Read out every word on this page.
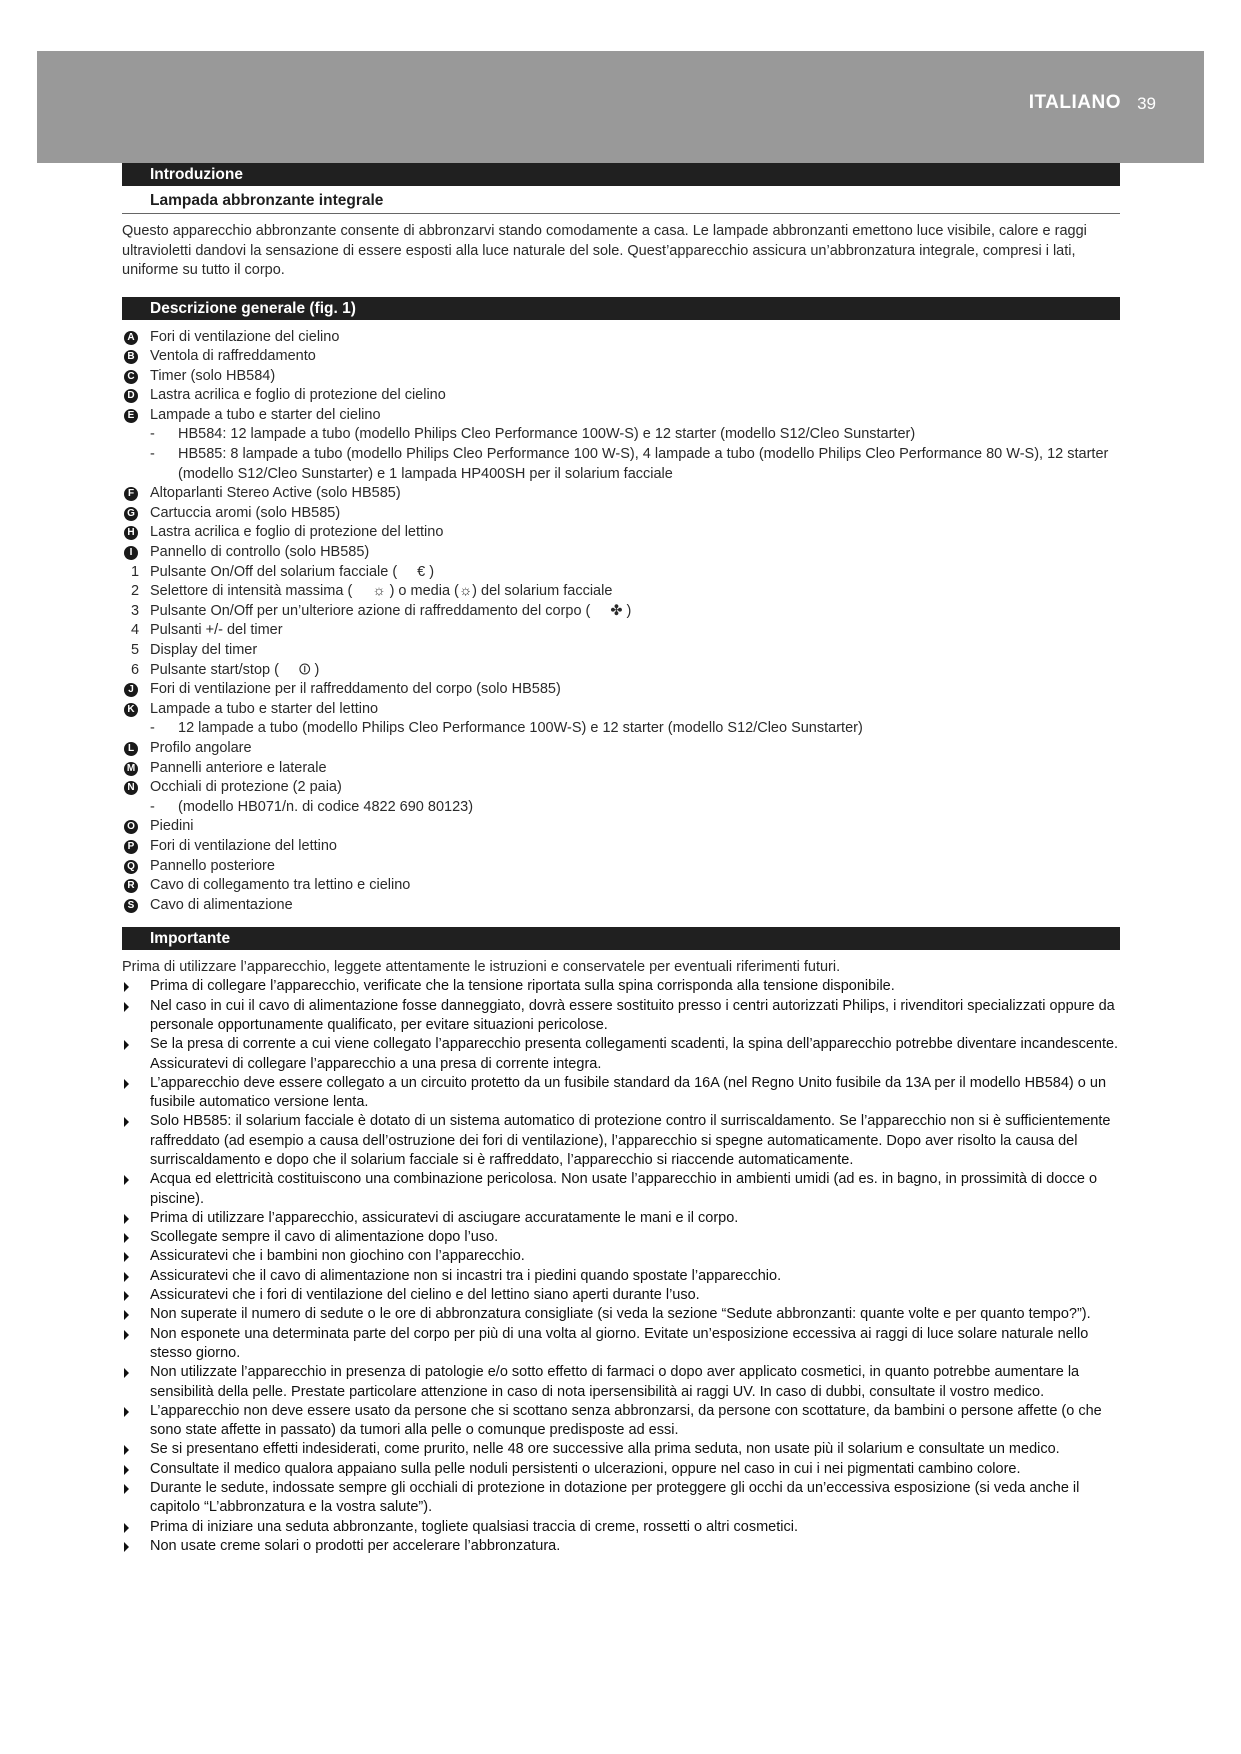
ITALIANO 39
Introduzione
Lampada abbronzante integrale

Questo apparecchio abbronzante consente di abbronzarvi stando comodamente a casa. Le lampade abbronzanti emettono luce visibile, calore e raggi ultravioletti dandovi la sensazione di essere esposti alla luce naturale del sole. Quest’apparecchio assicura un’abbronzatura integrale, compresi i lati, uniforme su tutto il corpo.

Descrizione generale (fig. 1)
A Fori di ventilazione del cielino
B Ventola di raffreddamento
C Timer (solo HB584)
D Lastra acrilica e foglio di protezione del cielino
E Lampade a tubo e starter del cielino
- HB584: 12 lampade a tubo (modello Philips Cleo Performance 100W-S) e 12 starter (modello S12/Cleo Sunstarter)
- HB585: 8 lampade a tubo (modello Philips Cleo Performance 100 W-S), 4 lampade a tubo (modello Philips Cleo Performance 80 W-S), 12 starter (modello S12/Cleo Sunstarter) e 1 lampada HP400SH per il solarium facciale
F Altoparlanti Stereo Active (solo HB585)
G Cartuccia aromi (solo HB585)
H Lastra acrilica e foglio di protezione del lettino
I	Pannello di controllo (solo HB585)
1 Pulsante On/Off del solarium facciale ( € )
2 Selettore di intensità massima ( ☼ ) o media (☼) del solarium facciale
3 Pulsante On/Off per un’ulteriore azione di raffreddamento del corpo ( ✤ )
4 Pulsanti +/- del timer
5 Display del timer
6 Pulsante start/stop ( ⏼ )
J Fori di ventilazione per il raffreddamento del corpo (solo HB585)
K Lampade a tubo e starter del lettino
- 12 lampade a tubo (modello Philips Cleo Performance 100W-S) e 12 starter (modello S12/Cleo Sunstarter)
L Profilo angolare
M Pannelli anteriore e laterale
N Occhiali di protezione (2 paia)
- (modello HB071/n. di codice 4822 690 80123)
O Piedini
P Fori di ventilazione del lettino
Q Pannello posteriore
R Cavo di collegamento tra lettino e cielino
S Cavo di alimentazione
Importante

Prima di utilizzare l’apparecchio, leggete attentamente le istruzioni e conservatele per eventuali riferimenti futuri.

Prima di collegare l’apparecchio, verificate che la tensione riportata sulla spina corrisponda alla tensione disponibile.
Nel caso in cui il cavo di alimentazione fosse danneggiato, dovrà essere sostituito presso i centri autorizzati Philips, i rivenditori specializzati oppure da personale opportunamente qualificato, per evitare situazioni pericolose.
Se la presa di corrente a cui viene collegato l’apparecchio presenta collegamenti scadenti, la spina dell’apparecchio potrebbe diventare incandescente. Assicuratevi di collegare l’apparecchio a una presa di corrente integra.
L’apparecchio deve essere collegato a un circuito protetto da un fusibile standard da 16A (nel Regno Unito fusibile da 13A per il modello HB584) o un fusibile automatico versione lenta.
Solo HB585: il solarium facciale è dotato di un sistema automatico di protezione contro il surriscaldamento. Se l’apparecchio non si è sufficientemente raffreddato (ad esempio a causa dell’ostruzione dei fori di ventilazione), l’apparecchio si spegne automaticamente. Dopo aver risolto la causa del surriscaldamento e dopo che il solarium facciale si è raffreddato, l’apparecchio si riaccende automaticamente.
Acqua ed elettricità costituiscono una combinazione pericolosa. Non usate l’apparecchio in ambienti umidi (ad es. in bagno, in prossimità di docce o piscine).
Prima di utilizzare l’apparecchio, assicuratevi di asciugare accuratamente le mani e il corpo.
Scollegate sempre il cavo di alimentazione dopo l’uso.
Assicuratevi che i bambini non giochino con l’apparecchio.
Assicuratevi che il cavo di alimentazione non si incastri tra i piedini quando spostate l’apparecchio.
Assicuratevi che i fori di ventilazione del cielino e del lettino siano aperti durante l’uso.
Non superate il numero di sedute o le ore di abbronzatura consigliate (si veda la sezione “Sedute abbronzanti: quante volte e per quanto tempo?”).
Non esponete una determinata parte del corpo per più di una volta al giorno. Evitate un’esposizione eccessiva ai raggi di luce solare naturale nello stesso giorno.
Non utilizzate l’apparecchio in presenza di patologie e/o sotto effetto di farmaci o dopo aver applicato cosmetici, in quanto potrebbe aumentare la sensibilità della pelle. Prestate particolare attenzione in caso di nota ipersensibilità ai raggi UV. In caso di dubbi, consultate il vostro medico.
L’apparecchio non deve essere usato da persone che si scottano senza abbronzarsi, da persone con scottature, da bambini o persone affette (o che sono state affette in passato) da tumori alla pelle o comunque predisposte ad essi.
Se si presentano effetti indesiderati, come prurito, nelle 48 ore successive alla prima seduta, non usate più il solarium e consultate un medico.
Consultate il medico qualora appaiano sulla pelle noduli persistenti o ulcerazioni, oppure nel caso in cui i nei pigmentati cambino colore.
Durante le sedute, indossate sempre gli occhiali di protezione in dotazione per proteggere gli occhi da un’eccessiva esposizione (si veda anche il capitolo “L’abbronzatura e la vostra salute”).
Prima di iniziare una seduta abbronzante, togliete qualsiasi traccia di creme, rossetti o altri cosmetici.
Non usate creme solari o prodotti per accelerare l’abbronzatura.
